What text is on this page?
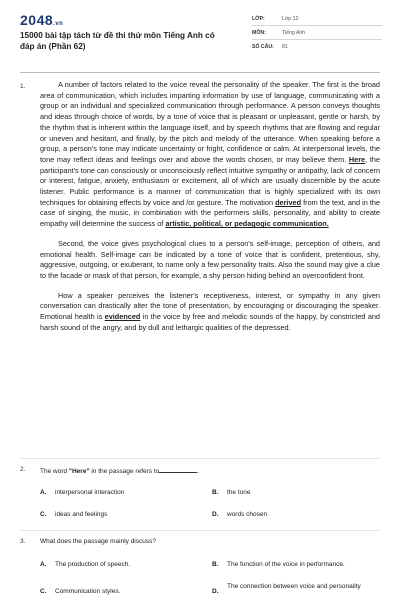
2048.vn
15000 bài tập tách từ đề thi thử môn Tiếng Anh có đáp án (Phần 62)
LỚP:	Lớp 12
MÔN:	Tiếng Anh
SỐ CÂU: 81
1.	A number of factors related to the voice reveal the personality of the speaker. The first is the broad area of communication, which includes imparting information by use of language, communicating with a group or an individual and specialized communication through performance. A person conveys thoughts and ideas through choice of words, by a tone of voice that is pleasant or unpleasant, gentle or harsh, by the rhythm that is inherent within the language itself, and by speech rhythms that are flowing and regular or uneven and hesitant, and finally, by the pitch and melody of the utterance. When speaking before a group, a person's tone may indicate uncertainty or fright, confidence or calm. At interpersonal levels, the tone may reflect ideas and feelings over and above the words chosen, or may believe them. Here, the participant's tone can consciously or unconsciously reflect intuitive sympathy or antipathy, lack of concern or interest, fatigue, anxiety, enthusiasm or excitement, all of which are usually discernible by the acute listener. Public performance is a manner of communication that is highly specialized with its own techniques for obtaining effects by voice and /or gesture. The motivation derived from the text, and in the case of singing, the music, in combination with the performers skills, personality, and ability to create empathy will determine the success of artistic, political, or pedagogic communication.

Second, the voice gives psychological clues to a person's self-image, perception of others, and emotional health. Self-image can be indicated by a tone of voice that is confident, pretentious, shy, aggressive, outgoing, or exuberant, to name only a few personality traits. Also the sound may give a clue to the facade or mask of that person, for example, a shy person hiding behind an overconfident front.

How a speaker perceives the listener's receptiveness, interest, or sympathy in any given conversation can drastically alter the tone of presentation, by encouraging or discouraging the speaker. Emotional health is evidenced in the voice by free and melodic sounds of the happy, by constricted and harsh sound of the angry, and by dull and lethargic qualities of the depressed.

2. The word "Here" in the passage refers to	.
A. interpersonal interaction	B. the tone
C. ideas and feelings	D. words chosen
3. What does the passage mainly discuss?
A. The production of speech.	B. The function of the voice in performance.
C. Communication styles.	D.
The connection between voice and personality
